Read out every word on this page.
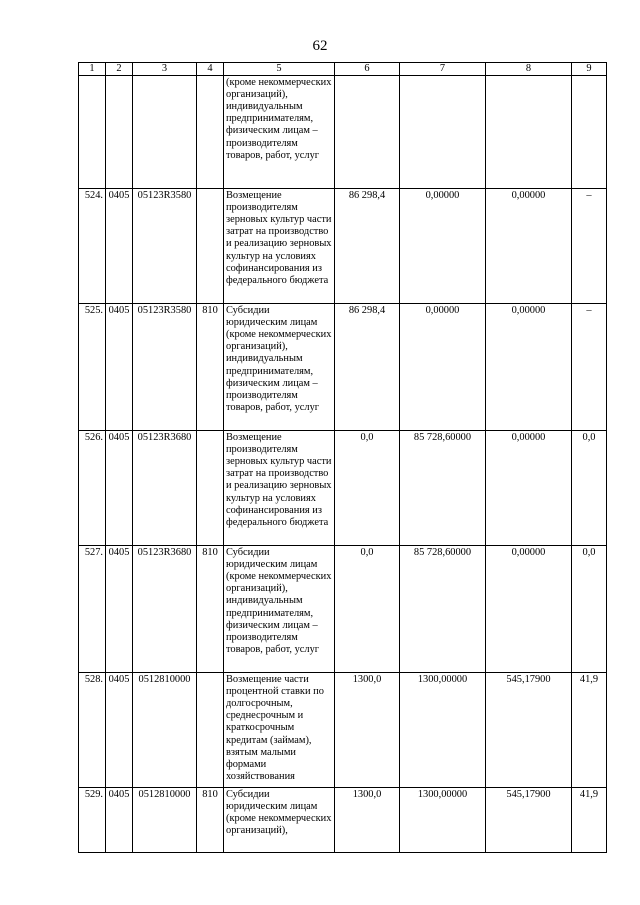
62
1	2	3	4	5	6	7	8	9
				(кроме некоммерческих организаций), индивидуальным предпринимателям, физическим лицам – производителям товаров, работ, услуг				
524.	0405	05123R3580		Возмещение производителям зерновых культур части затрат на производство и реализацию зерновых культур на условиях софинансирования из федерального бюджета	86 298,4	0,00000	0,00000	–
525.	0405	05123R3580	810	Субсидии юридическим лицам (кроме некоммерческих организаций), индивидуальным предпринимателям, физическим лицам – производителям товаров, работ, услуг	86 298,4	0,00000	0,00000	–
526.	0405	05123R3680		Возмещение производителям зерновых культур части затрат на производство и реализацию зерновых культур на условиях софинансирования из федерального бюджета	0,0	85 728,60000	0,00000	0,0
527.	0405	05123R3680	810	Субсидии юридическим лицам (кроме некоммерческих организаций), индивидуальным предпринимателям, физическим лицам – производителям товаров, работ, услуг	0,0	85 728,60000	0,00000	0,0
528.	0405	0512810000		Возмещение части процентной ставки по долгосрочным, среднесрочным и краткосрочным кредитам (займам), взятым малыми формами хозяйствования	1300,0	1300,00000	545,17900	41,9
529.	0405	0512810000	810	Субсидии юридическим лицам (кроме некоммерческих организаций),	1300,0	1300,00000	545,17900	41,9
